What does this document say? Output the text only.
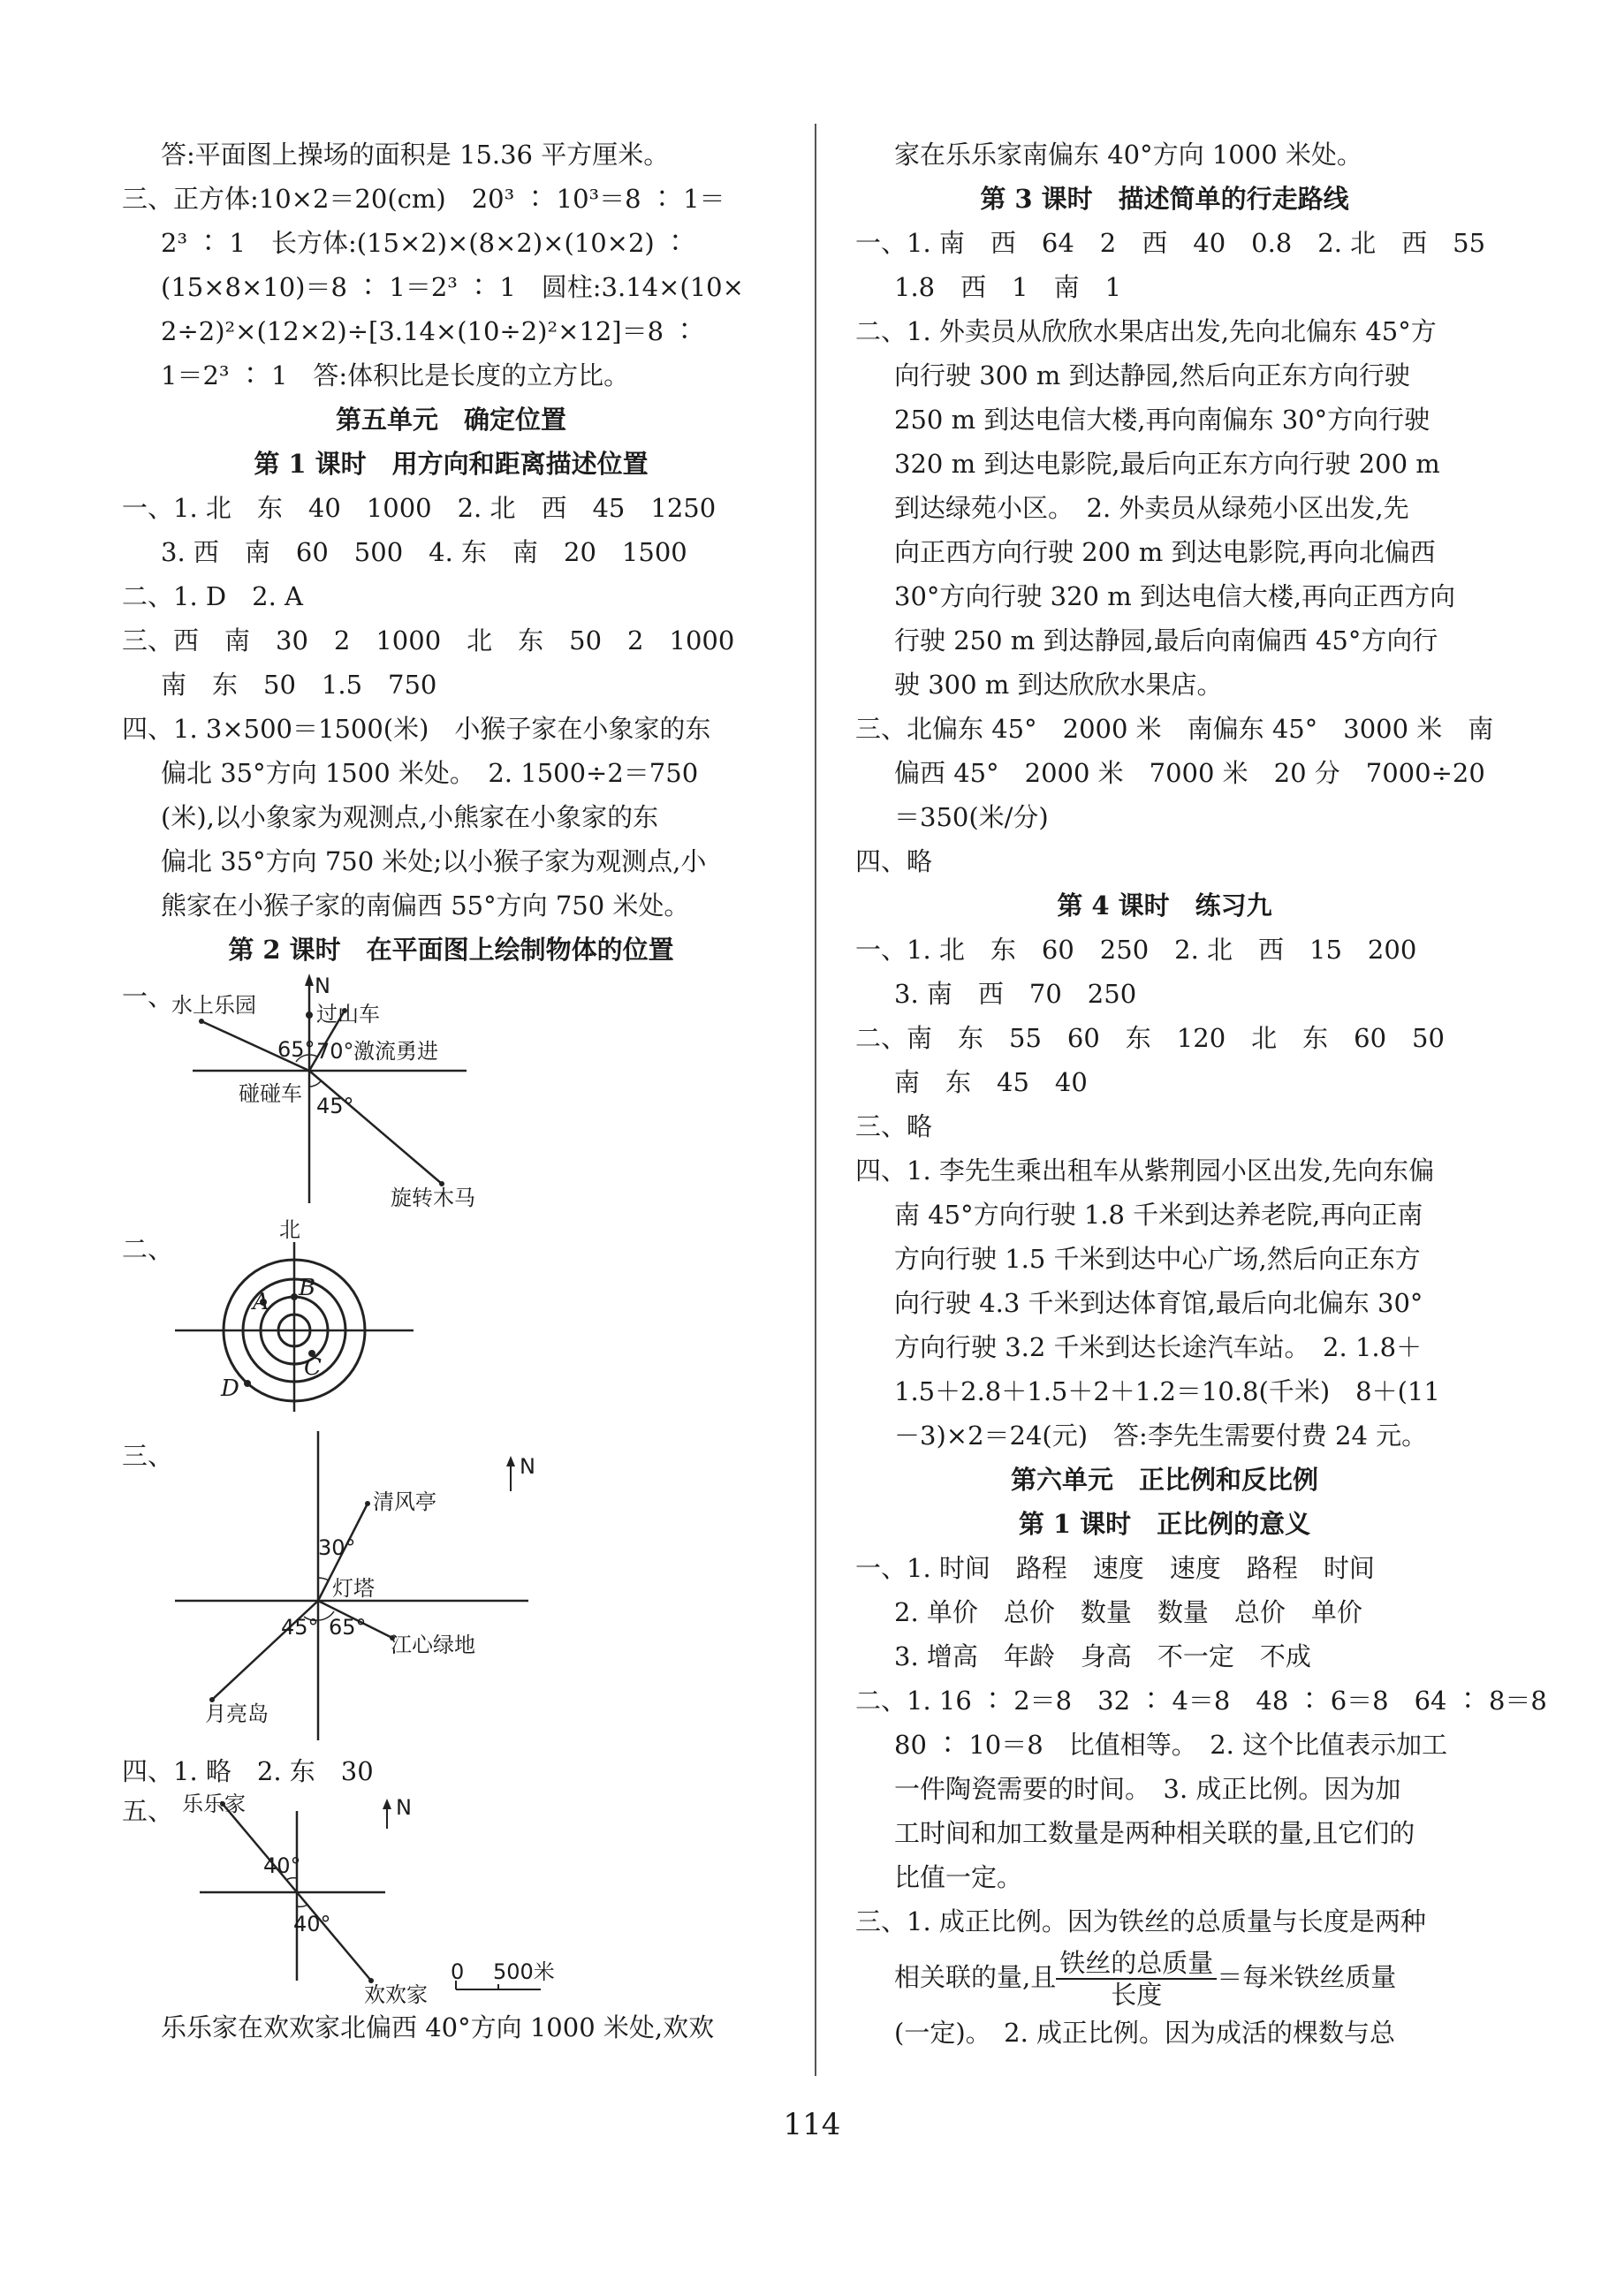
答:平面图上操场的面积是 15.36 平方厘米。
三、正方体:10×2＝20(cm)　20³ ∶ 10³＝8 ∶ 1＝
2³ ∶ 1　长方体:(15×2)×(8×2)×(10×2) ∶
(15×8×10)＝8 ∶ 1＝2³ ∶ 1　圆柱:3.14×(10×
2÷2)²×(12×2)÷[3.14×(10÷2)²×12]＝8 ∶
1＝2³ ∶ 1　答:体积比是长度的立方比。
第五单元　确定位置
第 1 课时　用方向和距离描述位置
一、1. 北　东　40　1000　2. 北　西　45　1250
3. 西　南　60　500　4. 东　南　20　1500
二、1. D　2. A
三、西　南　30　2　1000　北　东　50　2　1000
南　东　50　1.5　750
四、1. 3×500＝1500(米)　小猴子家在小象家的东
偏北 35°方向 1500 米处。　2. 1500÷2＝750
(米),以小象家为观测点,小熊家在小象家的东
偏北 35°方向 750 米处;以小猴子家为观测点,小
熊家在小猴子家的南偏西 55°方向 750 米处。
第 2 课时　在平面图上绘制物体的位置
一、	N
过山车
水上乐园
65° 70° 激流勇进
碰碰车 45°
旋转木马
二、
北
B
A
C
D
三、	N
清风亭
30°
灯塔
45° 65°
江心绿地
月亮岛
四、1. 略　2. 东　30
五、 乐乐家	N
40°
40°
欢欢家
0 500米
乐乐家在欢欢家北偏西 40°方向 1000 米处,欢欢
家在乐乐家南偏东 40°方向 1000 米处。
第 3 课时　描述简单的行走路线
一、1. 南　西　64　2　西　40　0.8　2. 北　西　55
1.8　西　1　南　1
二、1. 外卖员从欣欣水果店出发,先向北偏东 45°方
向行驶 300 m 到达静园,然后向正东方向行驶
250 m 到达电信大楼,再向南偏东 30°方向行驶
320 m 到达电影院,最后向正东方向行驶 200 m
到达绿苑小区。　2. 外卖员从绿苑小区出发,先
向正西方向行驶 200 m 到达电影院,再向北偏西
30°方向行驶 320 m 到达电信大楼,再向正西方向
行驶 250 m 到达静园,最后向南偏西 45°方向行
驶 300 m 到达欣欣水果店。
三、北偏东 45°　2000 米　南偏东 45°　3000 米　南
偏西 45°　2000 米　7000 米　20 分　7000÷20
＝350(米/分)
四、略
第 4 课时　练习九
一、1. 北　东　60　250　2. 北　西　15　200
3. 南　西　70　250
二、南　东　55　60　东　120　北　东　60　50
南　东　45　40
三、略
四、1. 李先生乘出租车从紫荆园小区出发,先向东偏
南 45°方向行驶 1.8 千米到达养老院,再向正南
方向行驶 1.5 千米到达中心广场,然后向正东方
向行驶 4.3 千米到达体育馆,最后向北偏东 30°
方向行驶 3.2 千米到达长途汽车站。　2. 1.8＋
1.5＋2.8＋1.5＋2＋1.2＝10.8(千米)　8＋(11
－3)×2＝24(元)　答:李先生需要付费 24 元。
第六单元　正比例和反比例
第 1 课时　正比例的意义
一、1. 时间　路程　速度　速度　路程　时间
2. 单价　总价　数量　数量　总价　单价
3. 增高　年龄　身高　不一定　不成
二、1. 16 ∶ 2＝8　32 ∶ 4＝8　48 ∶ 6＝8　64 ∶ 8＝8
80 ∶ 10＝8　比值相等。　2. 这个比值表示加工
一件陶瓷需要的时间。　3. 成正比例。因为加
工时间和加工数量是两种相关联的量,且它们的
比值一定。
三、1. 成正比例。因为铁丝的总质量与长度是两种
相关联的量,且 $\frac{\text{铁丝的总质量}}{\text{长度}}$ ＝每米铁丝质量
(一定)。　2. 成正比例。因为成活的棵数与总
114
